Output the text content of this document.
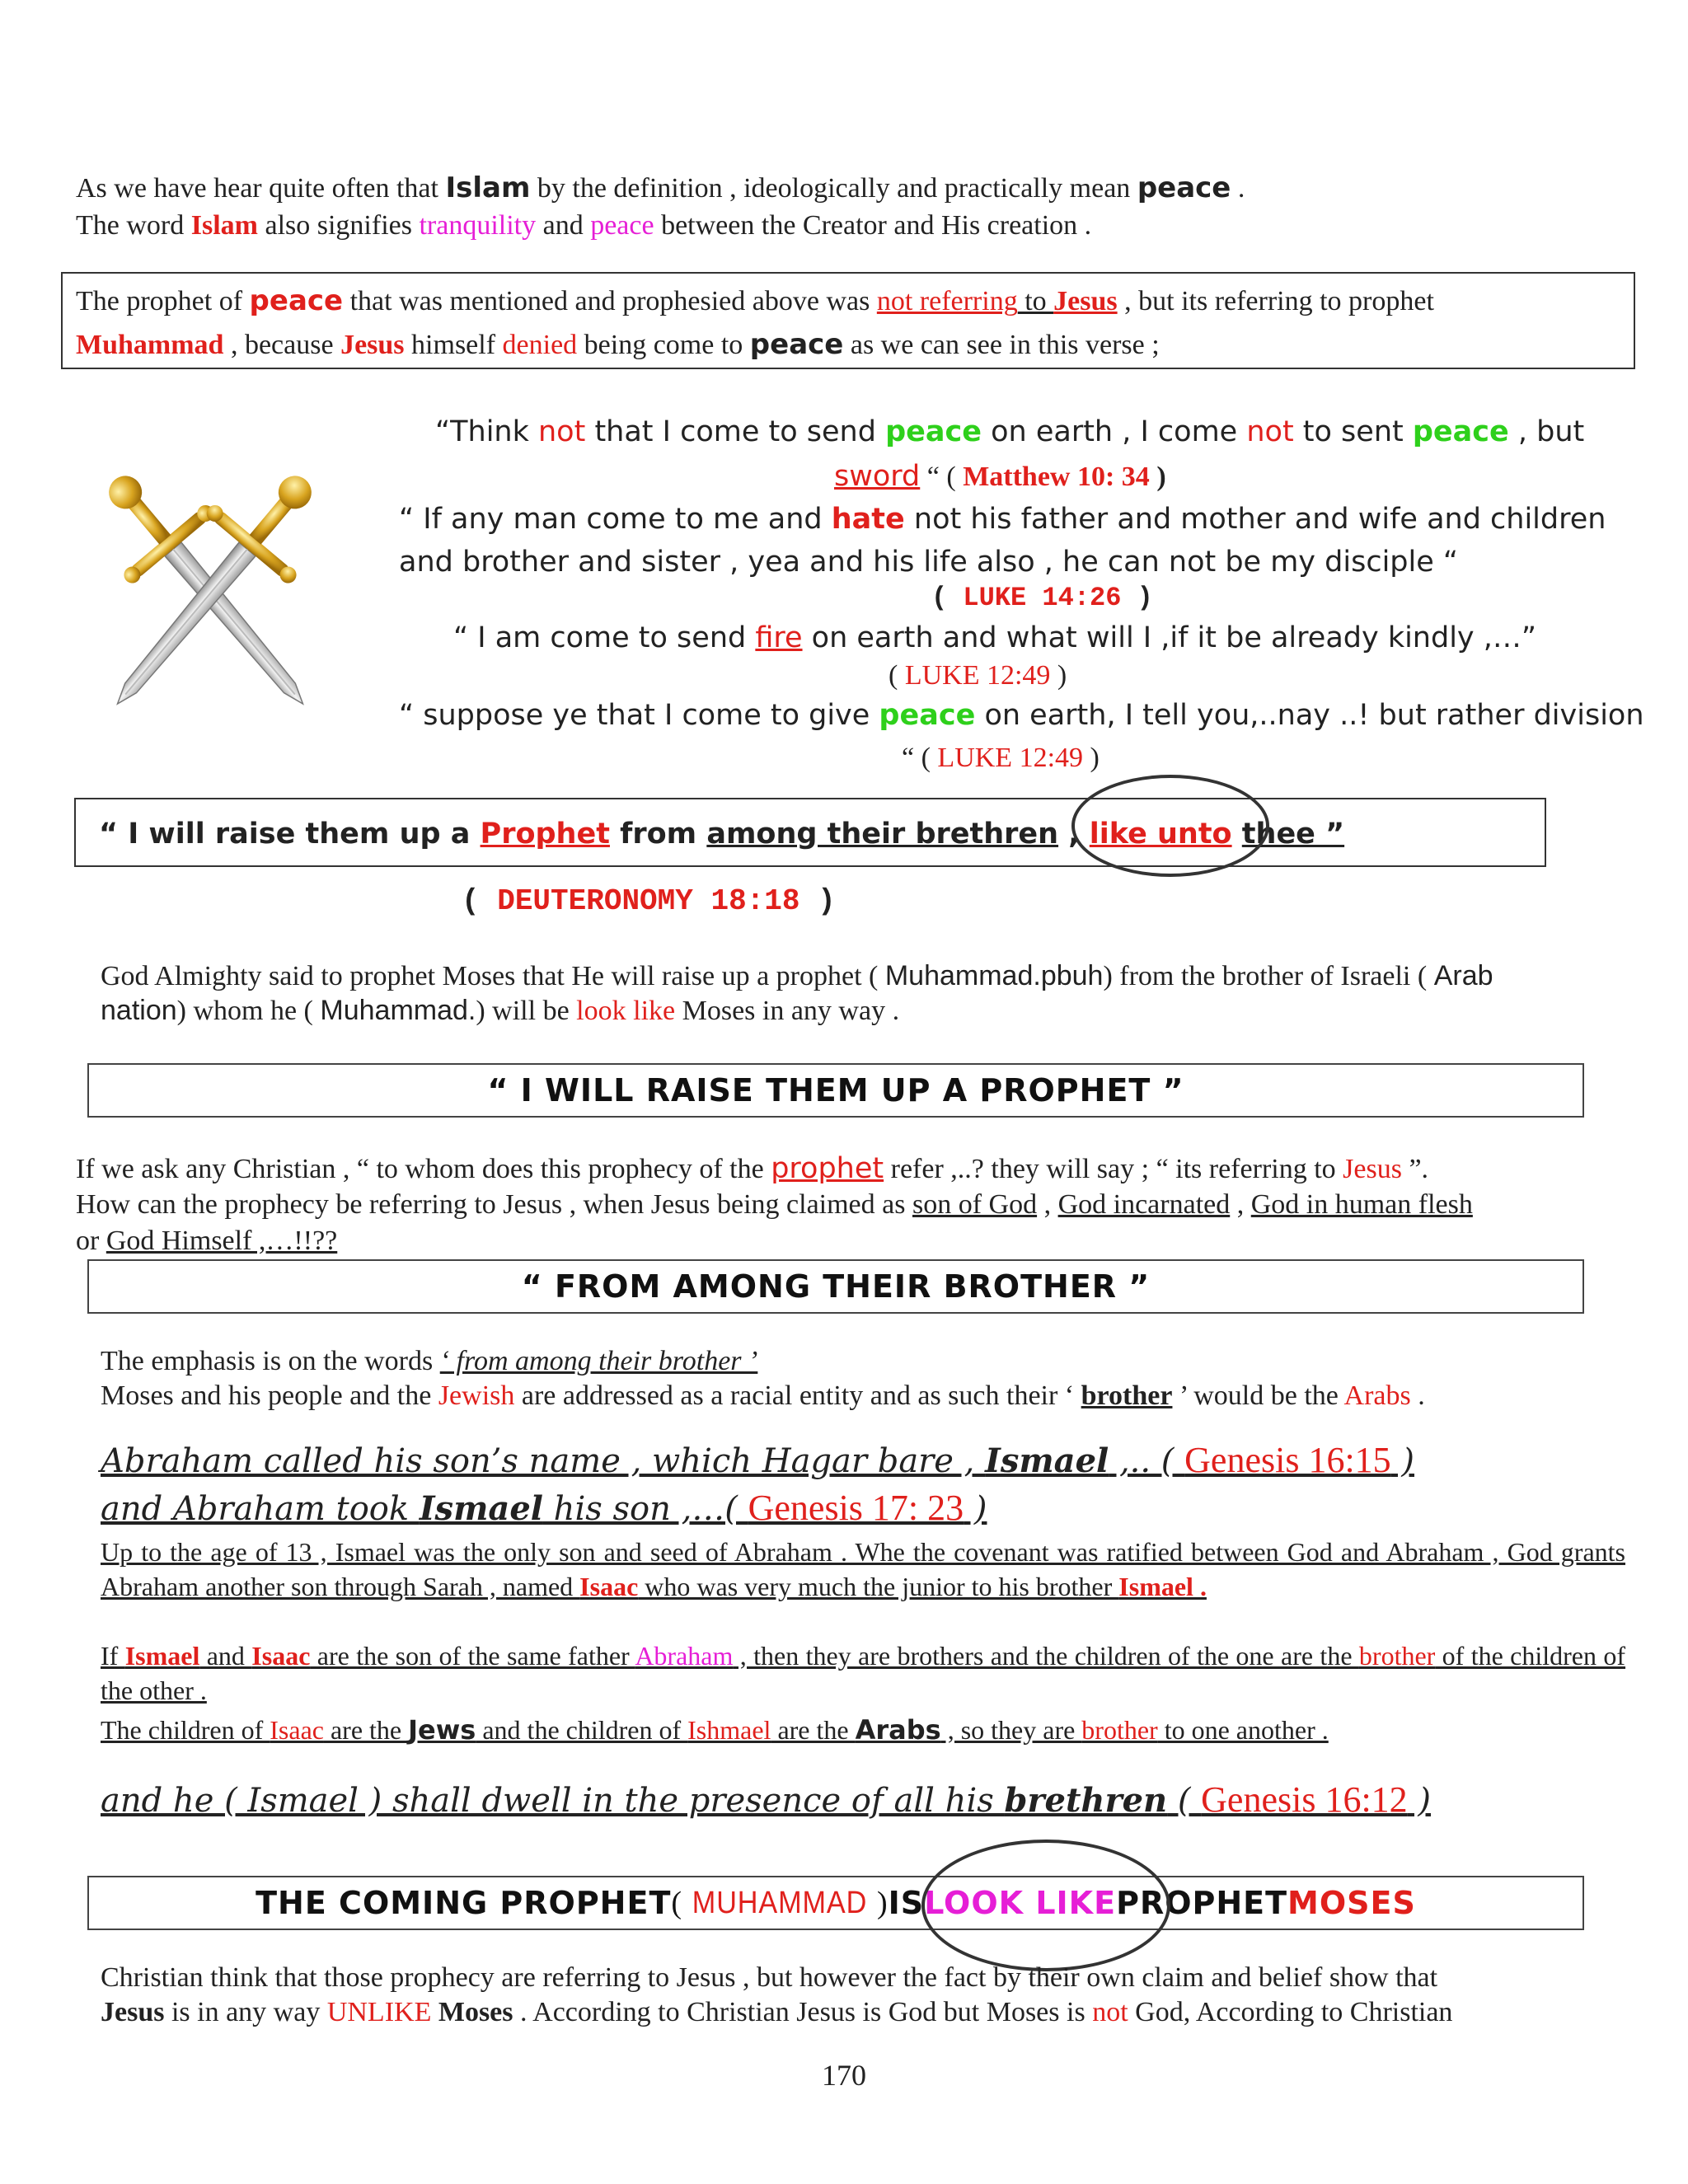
As we have hear quite often that Islam by the definition , ideologically and practically mean peace .
The word Islam also signifies tranquility and peace between the Creator and His creation .
The prophet of peace that was mentioned and prophesied above was not referring to Jesus , but its referring to prophet
Muhammad , because Jesus himself denied being come to peace as we can see in this verse ;
“Think not that I come to send peace on earth , I come not to sent peace , but
sword “ ( Matthew 10: 34 )
“ If any man come to me and hate not his father and mother and wife and children
and brother and sister , yea and his life also , he can not be my disciple “
( LUKE 14:26 )
“ I am come to send fire on earth and what will I ,if it be already kindly ,…”
( LUKE 12:49 )
“ suppose ye that I come to give peace on earth, I tell you,..nay ..! but rather division
“ ( LUKE 12:49 )
“ I will raise them up a Prophet from among their brethren , like unto thee ”
( DEUTERONOMY 18:18 )
God Almighty said to prophet Moses that He will raise up a prophet ( Muhammad.pbuh) from the brother of Israeli ( Arab
nation) whom he ( Muhammad.) will be look like Moses in any way .
“ I WILL RAISE THEM UP A PROPHET ”
If we ask any Christian , “ to whom does this prophecy of the prophet refer ,..? they will say ; “ its referring to Jesus ”.
How can the prophecy be referring to Jesus , when Jesus being claimed as son of God , God incarnated , God in human flesh
or God Himself ,…!!??
“ FROM AMONG THEIR BROTHER ”
The emphasis is on the words ‘ from among their brother ’
Moses and his people and the Jewish are addressed as a racial entity and as such their ‘ brother ’ would be the Arabs .
Abraham called his son’s name , which Hagar bare , Ismael ,.. ( Genesis 16:15 )
and Abraham took Ismael his son ,…( Genesis 17: 23 )
Up to the age of 13 , Ismael was the only son and seed of Abraham . Whe the covenant was ratified between God and Abraham , God grants Abraham another son through Sarah , named Isaac who was very much the junior to his brother Ismael .
If Ismael and Isaac are the son of the same father Abraham , then they are brothers and the children of the one are the brother of the children of the other .
The children of Isaac are the Jews and the children of Ishmael are the Arabs , so they are brother to one another .
and he ( Ismael ) shall dwell in the presence of all his brethren ( Genesis 16:12 )
THE COMING PROPHET ( MUHAMMAD ) IS LOOK LIKE PROPHET MOSES
Christian think that those prophecy are referring to Jesus , but however the fact by their own claim and belief show that
Jesus is in any way UNLIKE Moses . According to Christian Jesus is God but Moses is not God, According to Christian
170
